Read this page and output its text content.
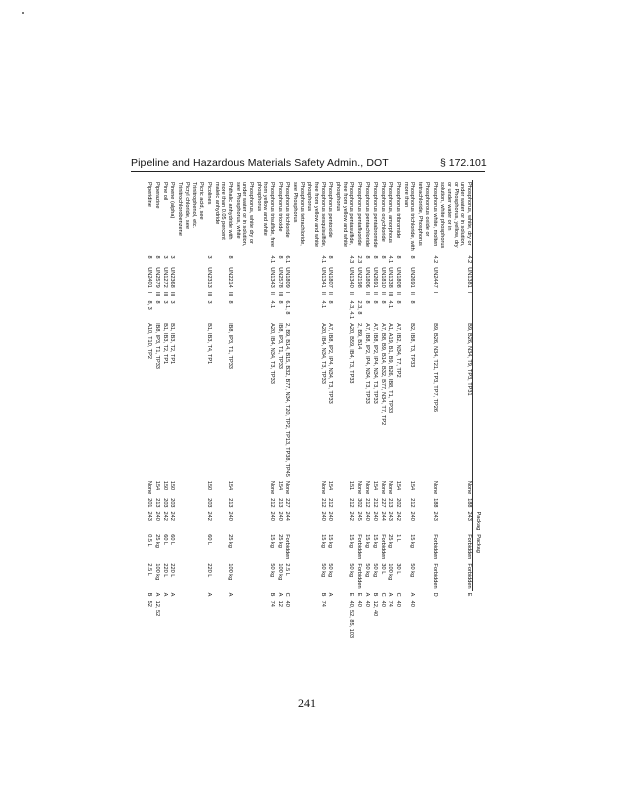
Pipeline and Hazardous Materials Safety Admin., DOT	§ 172.101
								Packag	Packag			
Phosphorus, white, dry or under water or in solution, or Phosphorus, yellow, dry or under water or in solution, white phosphorus	4.2	UN1381	I		B9, B26, N34, T9, TP3, TP31	None	188	243	Forbidden	Forbidden	E	
Phosphorus white, molten	4.2	UN2447	I		B9, B26, N34, T21, TP3, TP7, TP26	None	188	243	Forbidden	Forbidden	D	
Phosphorous oxide or tetrachloride, Phosphorus												
Phosphorus trichloride, with more than	8	UN2691	II	8	B2, IB8, T3, TP33	154	212	240	15 kg	50 kg	A	40
Phosphorus tribromide	8	UN1808	II	8	A7, IB2, N34, T7, TP2	154	202	242	1 L	30 L	C	40
Phosphorus, amorphous	4.1	UN1338	III	4.1	A1, A19, B1, B9, B26, IB8, T1, TP33	None	213	243	25 kg	100 kg	A	74
Phosphorus oxychloride	8	UN1810	II	8	A7, B8, B9, B14, B32, B77, N34, T7, TP2	None	227	244	Forbidden	30 L	C	40
Phosphorus pentabromide	8	UN2691	II	8	A7, IB8, IP2, IP4, N34, T3, TP33	154	212	240	15 kg	50 kg	B	12, 40
Phosphorus pentachloride	8	UN1806	II	8	A7, IB8, IP2, IP4, N34, T3, TP33	None	212	240	15 kg	50 kg	A	40
Phosphorus pentafluoride	2.3	UN2198		2.3, 8	2, B9, B14	None	302	245	Forbidden	Forbidden	E	40
Phosphorus pentasulfide, free from yellow and white phosphorus	4.3	UN1340	II	4.3, 4.1	A20, B59, IB4, T3, TP33	151	212	242	15 kg	50 kg	E	40, 52, 85, 103
Phosphorus pentoxide	8	UN1807	II	8	A7, IB8, IP2, IP4, N34, T3, TP33	154	212	240	15 kg	50 kg	A	
Phosphorus sesquisulfide, free from yellow and white phosphorus	4.1	UN1341	II	4.1	A20, IB4, N34, T3, TP33	None	212	240	15 kg	50 kg	B	74
Phosphorus tetrachloride, see Phosphorus												
Phosphorus trichloride	6.1	UN1809	I	6.1, 8	2, B9, B14, B15, B32, B77, N34, T20, TP2, TP13, TP38, TP45	None	227	244	Forbidden	2.5 L	C	40
Phosphorus trioxide	8	UN2578	III	8	IB8, IP3, T1, TP33	154	213	240	25 kg	100 kg	A	12
Phosphorus trisulfide, free from yellow and white phosphorus	4.1	UN1343	II	4.1	A20, IB4, N34, T3, TP33	None	212	240	15 kg	50 kg	B	74
Phosphorus, white dry or under water or in solution, see Phosphorus, white												
Phthalic anhydride with more than 0.05 percent maleic anhydride	8	UN2214	III	8	IB8, IP3, T1, TP33	154	213	240	25 kg	100 kg	A	
Picolines	3	UN2313	III	3	B1, IB3, T4, TP1	150	203	242	60 L	220 L	A	
Picric acid, see Trinitrophenol, etc.												
Picryl chloride, see Trinitrochlorobenzene												
Pinene (alpha)	3	UN2368	III	3	B1, IB3, T2, TP1	150	203	242	60 L	220 L	A	
Pine oil	3	UN1272	III	3	B1, IB3, T2, TP1	150	203	242	60 L	220 L	A	
Piperazine	8	UN2579	III	8	IB8, IP3, T1, TP33	154	213	240	25 kg	100 kg	A	12, 52
Piperidine	8	UN2401	I	8, 3	A10, T10, TP2	None	201	243	0.5 L	2.5 L	B	52
241
